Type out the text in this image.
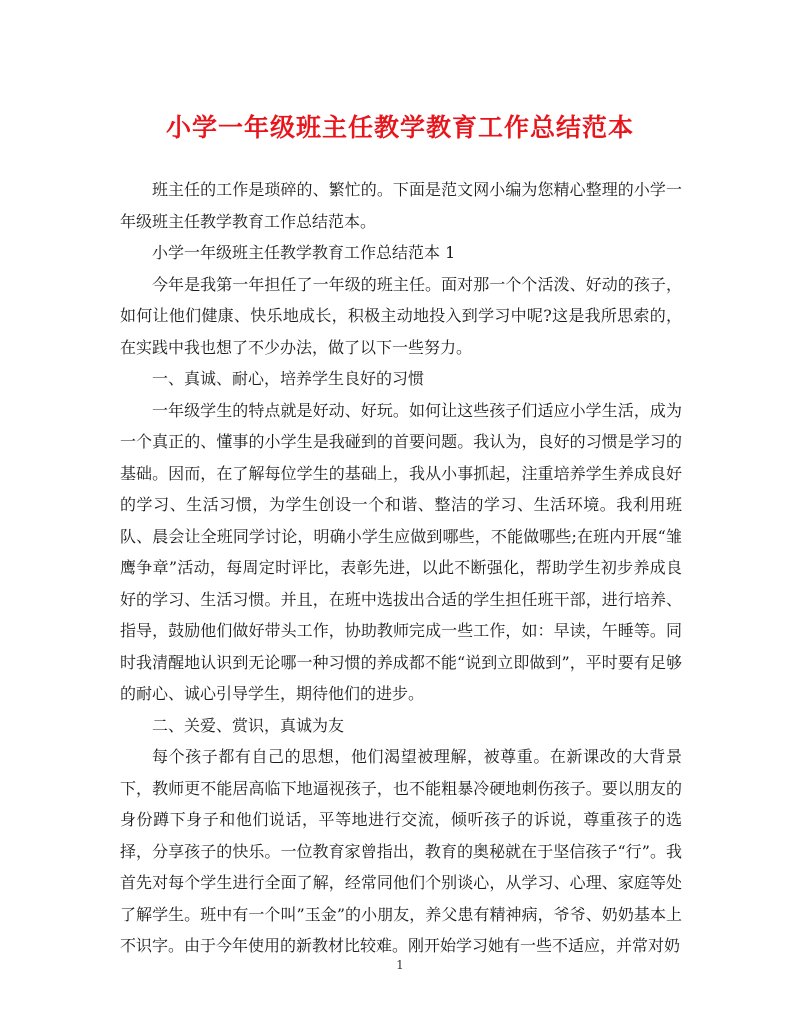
小学一年级班主任教学教育工作总结范本

班主任的工作是琐碎的、繁忙的。下面是范文网小编为您精心整理的小学一年级班主任教学教育工作总结范本。

小学一年级班主任教学教育工作总结范本 1

今年是我第一年担任了一年级的班主任。面对那一个个活泼、好动的孩子，如何让他们健康、快乐地成长，积极主动地投入到学习中呢?这是我所思索的，在实践中我也想了不少办法，做了以下一些努力。

一、真诚、耐心，培养学生良好的习惯

一年级学生的特点就是好动、好玩。如何让这些孩子们适应小学生活，成为一个真正的、懂事的小学生是我碰到的首要问题。我认为，良好的习惯是学习的基础。因而，在了解每位学生的基础上，我从小事抓起，注重培养学生养成良好的学习、生活习惯，为学生创设一个和谐、整洁的学习、生活环境。我利用班队、晨会让全班同学讨论，明确小学生应做到哪些，不能做哪些;在班内开展“雏鹰争章”活动，每周定时评比，表彰先进，以此不断强化，帮助学生初步养成良好的学习、生活习惯。并且，在班中选拔出合适的学生担任班干部，进行培养、指导，鼓励他们做好带头工作，协助教师完成一些工作，如：早读，午睡等。同时我清醒地认识到无论哪一种习惯的养成都不能“说到立即做到”，平时要有足够的耐心、诚心引导学生，期待他们的进步。

二、关爱、赏识，真诚为友

每个孩子都有自己的思想，他们渴望被理解，被尊重。在新课改的大背景下，教师更不能居高临下地逼视孩子，也不能粗暴冷硬地刺伤孩子。要以朋友的身份蹲下身子和他们说话，平等地进行交流，倾听孩子的诉说，尊重孩子的选择，分享孩子的快乐。一位教育家曾指出，教育的奥秘就在于坚信孩子“行”。我首先对每个学生进行全面了解，经常同他们个别谈心，从学习、心理、家庭等处了解学生。班中有一个叫”玉金”的小朋友，养父患有精神病，爷爷、奶奶基本上不识字。由于今年使用的新教材比较难。刚开始学习她有一些不适应，并常对奶

1
